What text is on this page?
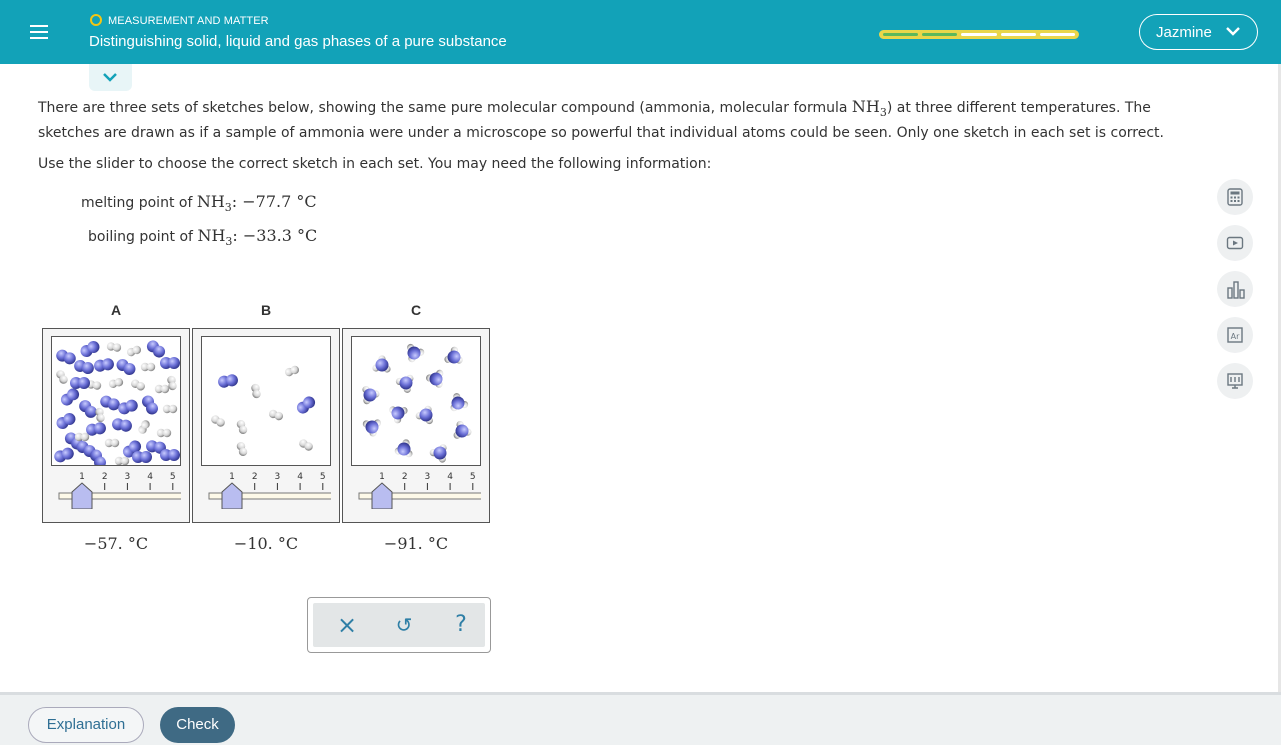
MEASUREMENT AND MATTER
Distinguishing solid, liquid and gas phases of a pure substance
Jazmine
There are three sets of sketches below, showing the same pure molecular compound (ammonia, molecular formula $NH_3$) at three different temperatures. The
sketches are drawn as if a sample of ammonia were under a microscope so powerful that individual atoms could be seen. Only one sketch in each set is correct.
Use the slider to choose the correct sketch in each set. You may need the following information:
melting point of $NH_3$: −77.7 °C
boiling point of $NH_3$: −33.3 °C
Ar
A	B	C
1 2 3 4 5	1 2 3 4 5	1 2 3 4 5
−57. °C	−10. °C	−91. °C
× ↺ ?
Explanation	Check
